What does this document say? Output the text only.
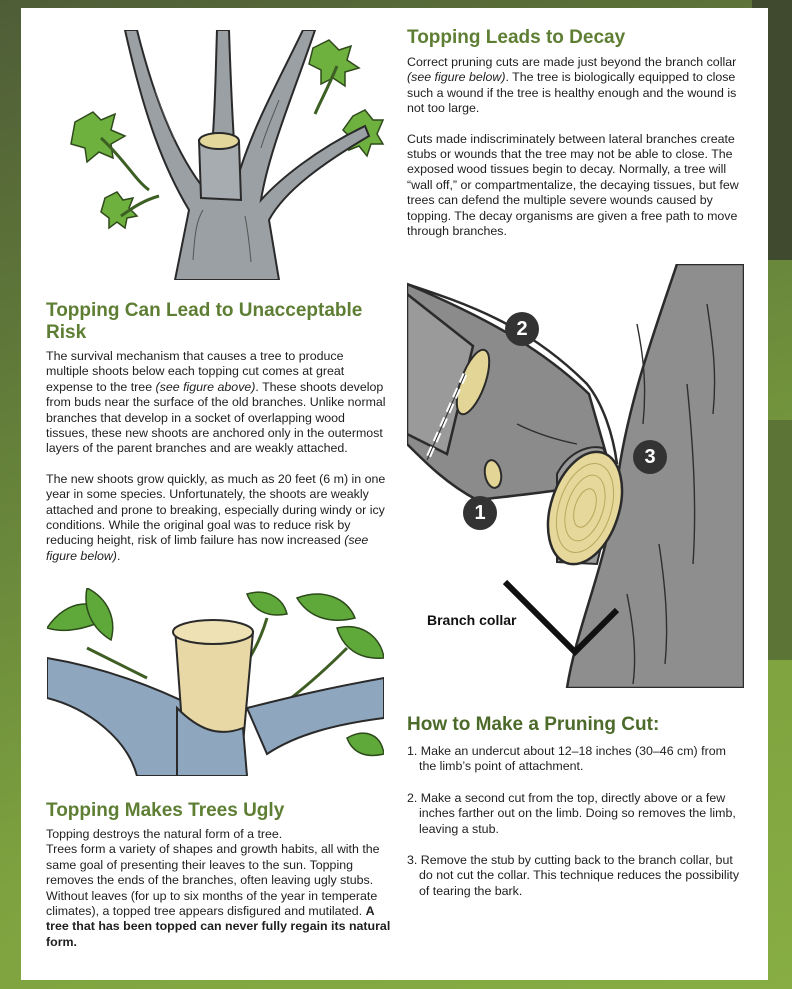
Topping Leads to Decay

Correct pruning cuts are made just beyond the branch collar (see figure below). The tree is biologically equipped to close such a wound if the tree is healthy enough and the wound is not too large.

Cuts made indiscriminately between lateral branches create stubs or wounds that the tree may not be able to close. The exposed wood tissues begin to decay. Normally, a tree will “wall off,” or compartmentalize, the decaying tissues, but few trees can defend the multiple severe wounds caused by topping. The decay organisms are given a free path to move through branches.

2
1
3
Branch collar
Topping Can Lead to Unacceptable Risk

The survival mechanism that causes a tree to produce multiple shoots below each topping cut comes at great expense to the tree (see figure above). These shoots develop from buds near the surface of the old branches. Unlike normal branches that develop in a socket of overlapping wood tissues, these new shoots are anchored only in the outermost layers of the parent branches and are weakly attached.

The new shoots grow quickly, as much as 20 feet (6 m) in one year in some species. Unfortunately, the shoots are weakly attached and prone to breaking, especially during windy or icy conditions. While the original goal was to reduce risk by reducing height, risk of limb failure has now increased (see figure below).

Topping Makes Trees Ugly

Topping destroys the natural form of a tree.

Trees form a variety of shapes and growth habits, all with the same goal of presenting their leaves to the sun. Topping removes the ends of the branches, often leaving ugly stubs. Without leaves (for up to six months of the year in temperate climates), a topped tree appears disfigured and mutilated. A tree that has been topped can never fully regain its natural form.

How to Make a Pruning Cut:
1. Make an undercut about 12–18 inches (30–46 cm) from the limb’s point of attachment.
2. Make a second cut from the top, directly above or a few inches farther out on the limb. Doing so removes the limb, leaving a stub.
3. Remove the stub by cutting back to the branch collar, but do not cut the collar. This technique reduces the possibility of tearing the bark.
